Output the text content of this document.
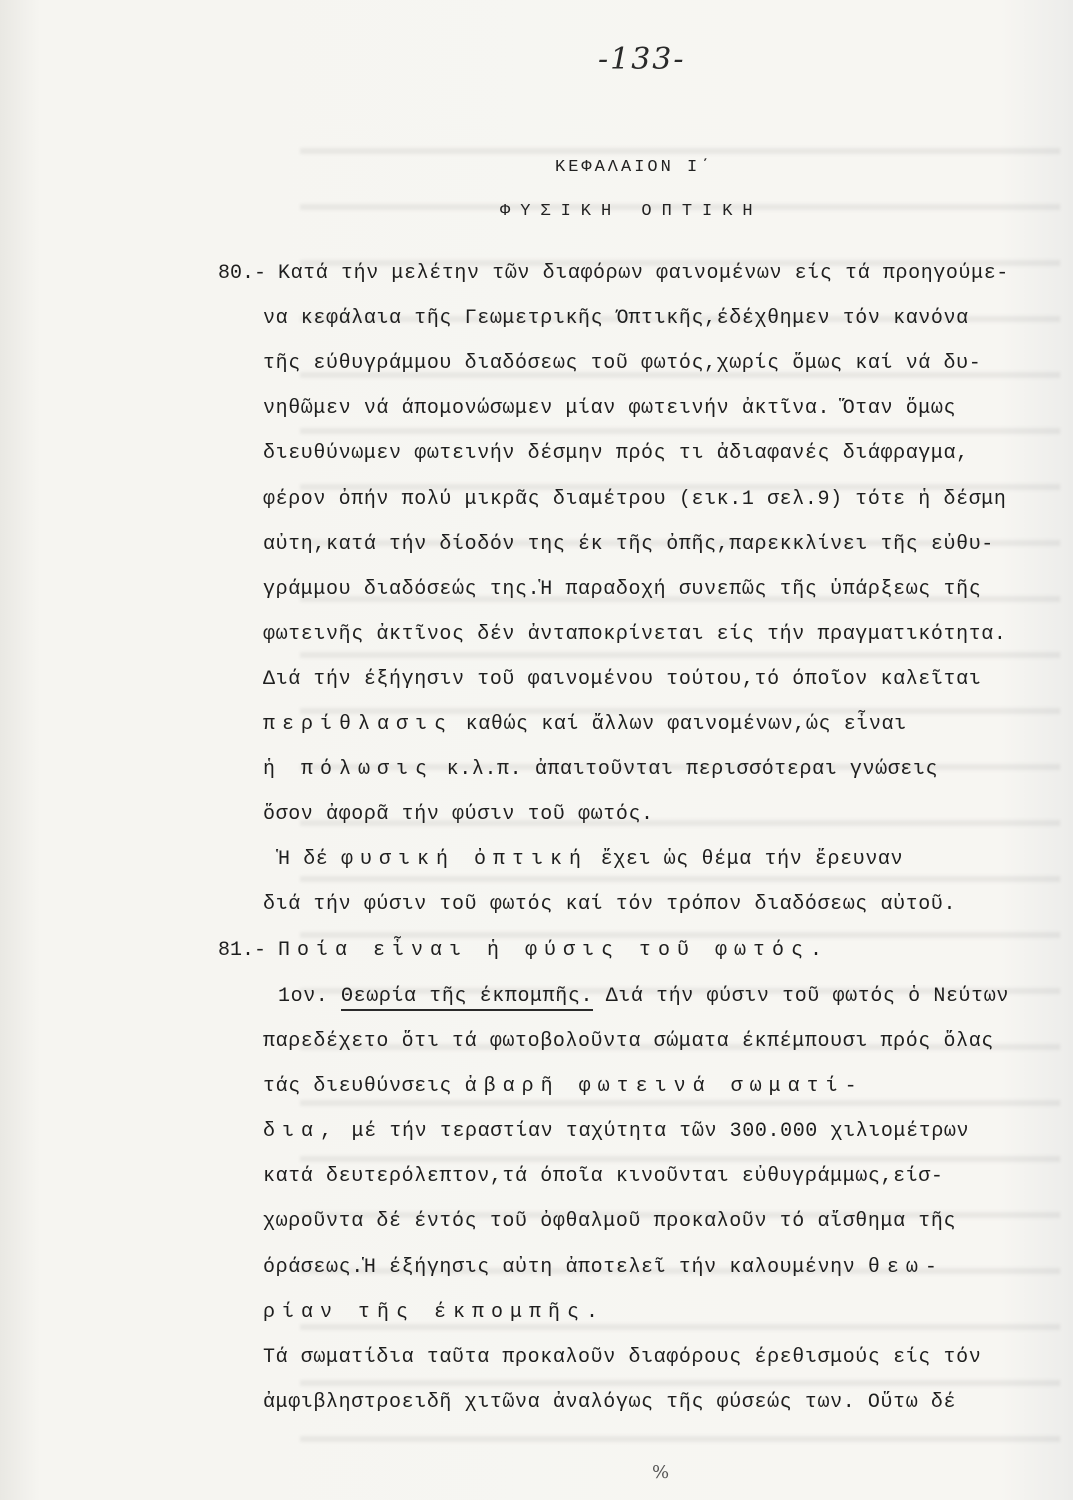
-133-
ΚΕΦΑΛΑΙΟΝ Ι΄
ΦΥΣΙΚΗ ΟΠΤΙΚΗ
80.- Κατά τήν μελέτην τῶν διαφόρων φαινομένων είς τά προηγούμε-
να κεφάλαια τῆς Γεωμετρικῆς Όπτικῆς,έδέχθημεν τόν κανόνα
τῆς εύθυγράμμου διαδόσεως τοῦ φωτός,χωρίς ὅμως καί νά δυ-
νηθῶμεν νά άπομονώσωμεν μίαν φωτεινήν ἀκτῖνα. Ὅταν ὅμως
διευθύνωμεν φωτεινήν δέσμην πρός τι ἀδιαφανές διάφραγμα,
φέρον ὀπήν πολύ μικρᾶς διαμέτρου (εικ.1 σελ.9) τότε ἡ δέσμη
αὐτη,κατά τήν δίοδόν της έκ τῆς ὀπῆς,παρεκκλίνει τῆς εὐθυ-
γράμμου διαδόσεώς της.Ἡ παραδοχή συνεπῶς τῆς ὑπάρξεως τῆς
φωτεινῆς ἀκτῖνος δέν ἀνταποκρίνεται είς τήν πραγματικότητα.
Διά τήν έξήγησιν τοῦ φαινομένου τούτου,τό όποῖον καλεῖται
περίθλασις καθώς καί ἄλλων φαινομένων,ώς εἶναι
ἡ πόλωσις κ.λ.π. ἀπαιτοῦνται περισσότεραι γνώσεις
ὅσον ἀφορᾶ τήν φύσιν τοῦ φωτός.
Ἡ δέ φυσική ὀπτική ἔχει ὡς θέμα τήν ἔρευναν
διά τήν φύσιν τοῦ φωτός καί τόν τρόπον διαδόσεως αὐτοῦ.
81.- Ποία εἶναι ἡ φύσις τοῦ φωτός.
1ον. Θεωρία τῆς έκπομπῆς. Διά τήν φύσιν τοῦ φωτός ὁ Νεύτων
παρεδέχετο ὅτι τά φωτοβολοῦντα σώματα έκπέμπουσι πρός ὅλας
τάς διευθύνσεις ἀβαρῆ φωτεινά σωματί-
δια, μέ τήν τεραστίαν ταχύτητα τῶν 300.000 χιλιομέτρων
κατά δευτερόλεπτον,τά όποῖα κινοῦνται εὐθυγράμμως,είσ-
χωροῦντα δέ έντός τοῦ ὀφθαλμοῦ προκαλοῦν τό αἴσθημα τῆς
όράσεως.Ἡ έξήγησις αὐτη ἀποτελεῖ τήν καλουμένην θεω-
ρίαν τῆς έκπομπῆς.
Τά σωματίδια ταῦτα προκαλοῦν διαφόρους έρεθισμούς είς τόν
ἀμφιβληστροειδῆ χιτῶνα ἀναλόγως τῆς φύσεώς των. Οὕτω δέ
%
